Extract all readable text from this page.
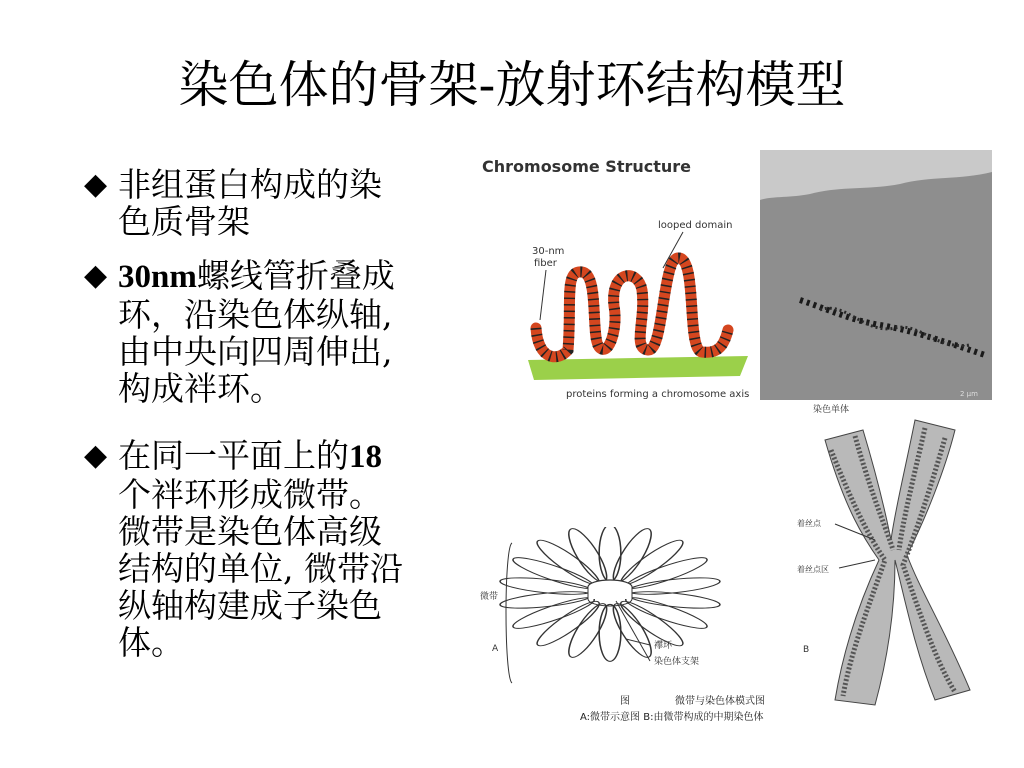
染色体的骨架-放射环结构模型
◆ 非组蛋白构成的染
色质骨架
◆ 30nm螺线管折叠成
环，沿染色体纵轴,
由中央向四周伸出,
构成袢环。
◆ 在同一平面上的18
个袢环形成微带。
微带是染色体高级
结构的单位, 微带沿
纵轴构建成子染色
体。
Chromosome Structure
looped domain
30-nm
fiber
proteins forming a chromosome axis	2 μm
微带
A	襻环
染色体支架
染色单体
着丝点
着丝点区
B
图	微带与染色体模式图
A:微带示意图 B:由微带构成的中期染色体
